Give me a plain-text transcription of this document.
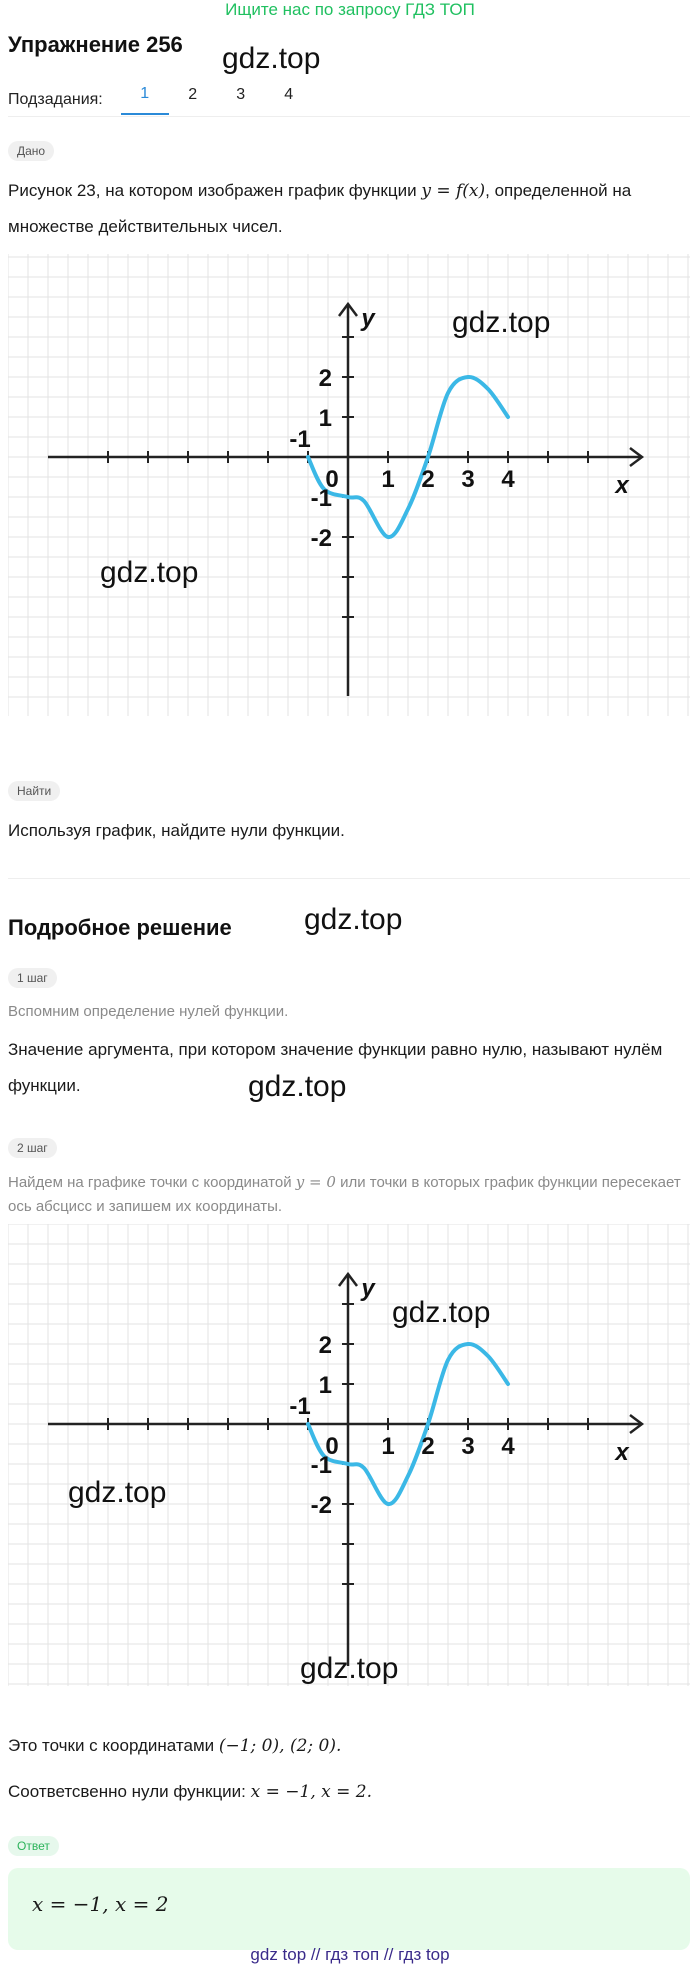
Ищите нас по запросу ГДЗ ТОП
Упражнение 256 gdz.top
Подзадания:	1	2	3	4
Дано
Рисунок 23, на котором изображен график функции y = f(x), определенной на множестве действительных чисел.
y
x
-1
0 1 2 3 4
2
1
-1
-2
gdz.top
gdz.top
Найти
Используя график, найдите нули функции.
Подробное решение gdz.top
1 шаг
Вспомним определение нулей функции.
Значение аргумента, при котором значение функции равно нулю, называют нулём функции.	gdz.top
2 шаг
Найдем на графике точки с координатой y = 0 или точки в которых график функции пересекает ось абсцисс и запишем их координаты.
y
x
-1
0 1 2 3 4
2
1
-1
-2
gdz.top
gdz.top
gdz.top
Это точки с координатами (−1; 0), (2; 0).
Соответсвенно нули функции: x = −1, x = 2.
Ответ
x = −1, x = 2
gdz top // гдз топ // гдз top
